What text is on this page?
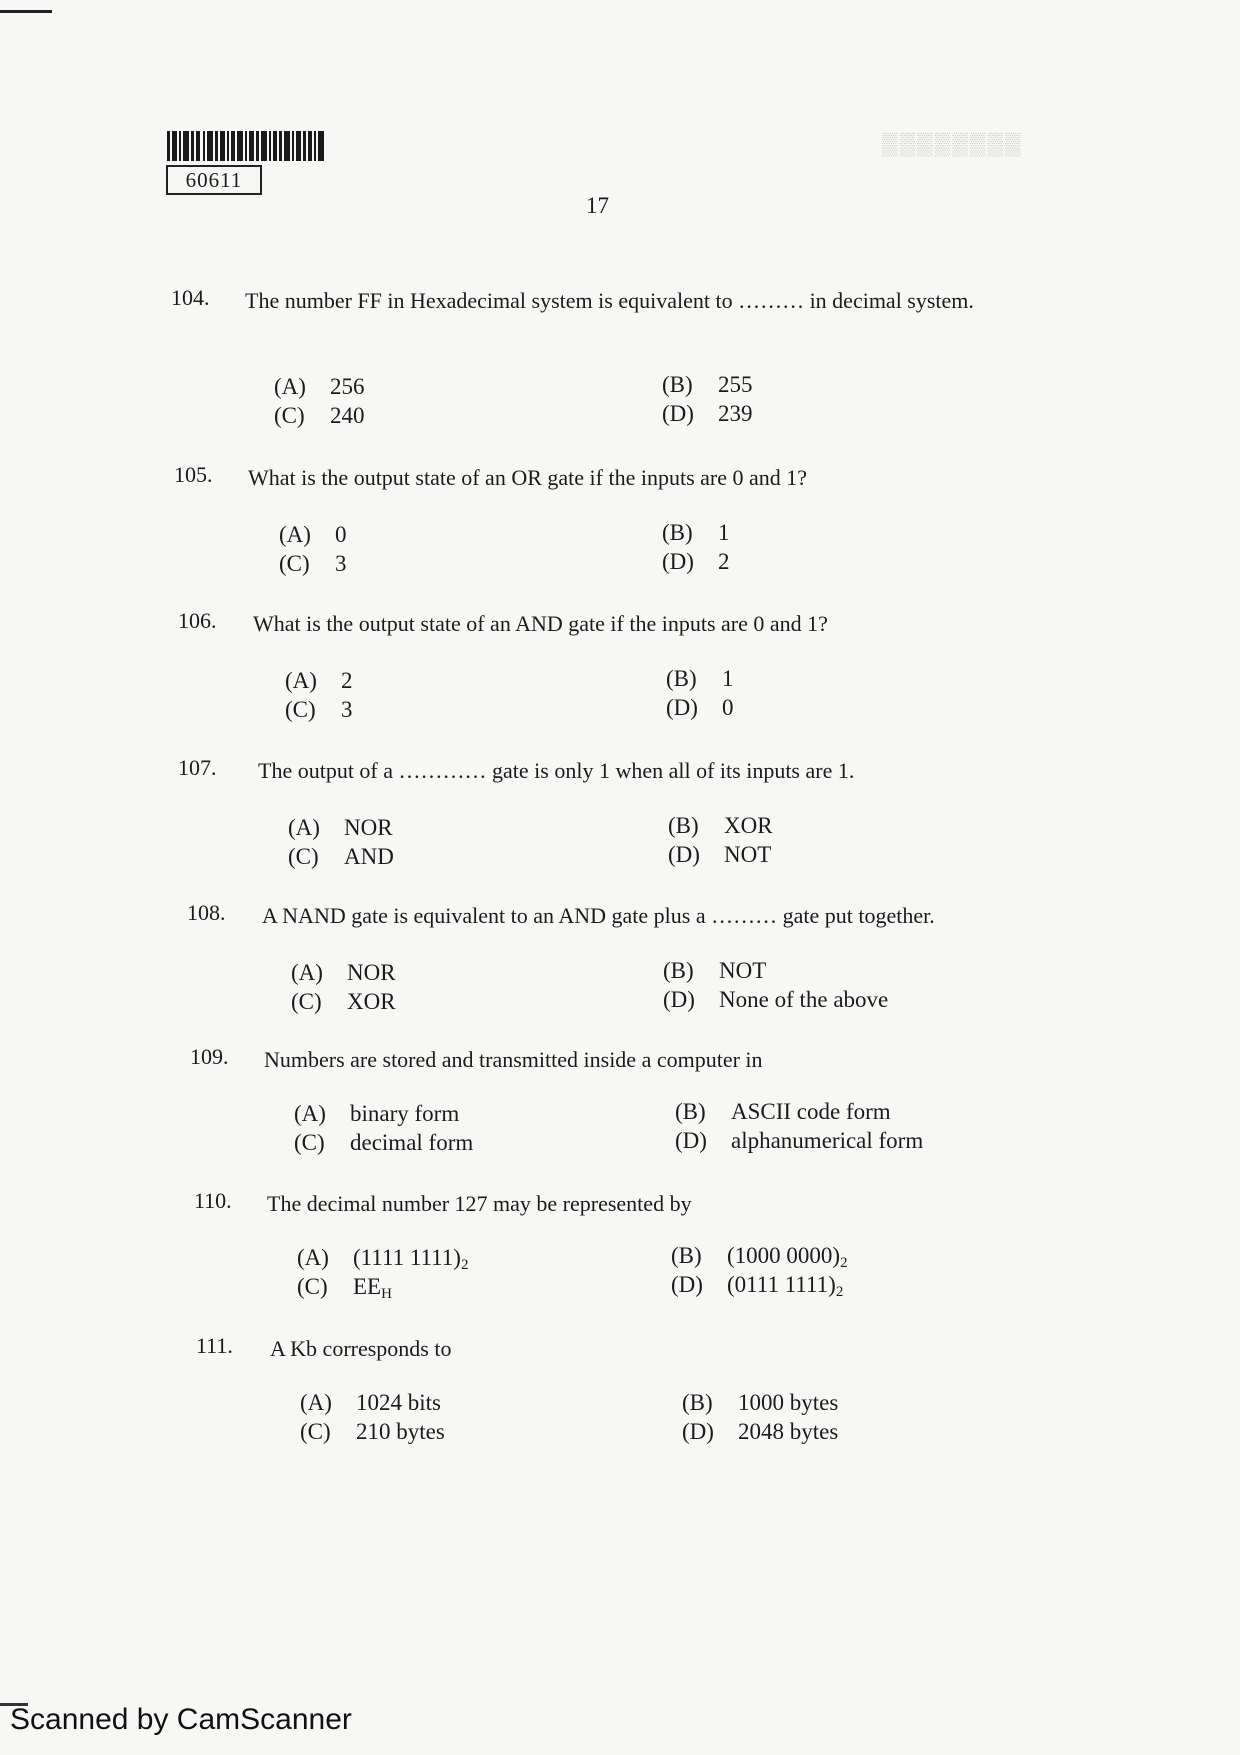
60611
▒▒▒▒▒▒▒▒
17
104. The number FF in Hexadecimal system is equivalent to ……… in decimal system.
(A) 256	(B) 255
(C) 240	(D) 239
105. What is the output state of an OR gate if the inputs are 0 and 1?
(A) 0	(B) 1
(C) 3	(D) 2
106. What is the output state of an AND gate if the inputs are 0 and 1?
(A) 2	(B) 1
(C) 3	(D) 0
107. The output of a ………… gate is only 1 when all of its inputs are 1.
(A) NOR	(B) XOR
(C) AND	(D) NOT
108. A NAND gate is equivalent to an AND gate plus a ……… gate put together.
(A) NOR	(B) NOT
(C) XOR	(D) None of the above
109. Numbers are stored and transmitted inside a computer in
(A) binary form	(B) ASCII code form
(C) decimal form	(D) alphanumerical form
110. The decimal number 127 may be represented by
(A) (1111 $1111)_2$	(B) (1000 $0000)_2$
(C) $EE_H$	(D) (0111 $1111)_2$
111. A Kb corresponds to
(A) 1024 bits	(B) 1000 bytes
(C) 210 bytes	(D) 2048 bytes
Scanned by CamScanner
